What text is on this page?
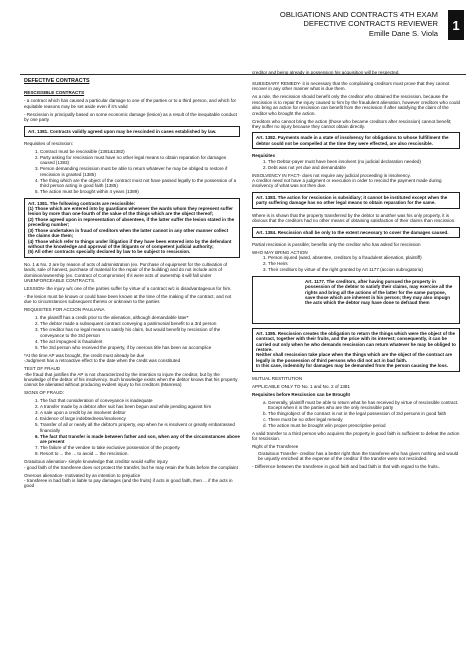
OBLIGATIONS AND CONTRACTS 4TH EXAM
DEFECTIVE CONTRACTS REVIEWER
Emille Dane S. Viola
1

DEFECTIVE CONTRACTS

RESCISSIBLE CONTRACTS

- a contract which has caused a particular damage to one of the parties or to a third person, and which for equitable reasons may be set aside even if it's valid

- Rescission is principally based on some economic damage (lesion) as a result of the inequitable conduct by one party

Art. 1381. Contracts validly agreed upon may be rescinded in cases established by law.

Requisites of rescission:

1. Contract must be rescissible (1381&1382)
2. Party asking for rescission must have no other legal means to obtain reparation for damages caused (1383)
3. Person demanding rescission must be able to return whatever he may be obliged to restore if rescission is granted (1385)
4. The thing which are the object of the contract must not have passed legally to the possession of a third person acting in good faith (1385)
5. The action must be brought within 4 years (1389)
Art. 1381. The following contracts are rescissible:
(1) Those which are entered into by guardians whenever the wards whom they represent suffer lesion by more than one-fourth of the value of the things which are the object thereof;
(2) Those agreed upon in representation of absentees, if the latter suffer the lesion stated in the preceding number;
(3) Those undertaken in fraud of creditors when the latter cannot in any other manner collect the claims due them;
(4) Those which refer to things under litigation if they have been entered into by the defendant without the knowledge and approval of the litigants or of competent judicial authority;
(5) All other contracts specially declared by law to be subject to rescission.

No. 1 & No. 2 are by reason of acts of administration (ex. Purchase of equipment for the cultivation of lands, sale of harvest, purchase of material for the repair of the building) and do not include acts of dominion/ownership (ex. Contract of Compromise) If it were acts of ownership it will fall under UNENFORCEABLE CONTRACTS.

LESSION- the injury w/c one of the parties suffer by virtue of a contract w/c is disadvantageous for him.

- the lesion must be known or could have been known at the time of the making of the contract, and not due to circumstances subsequent thereto or unknown to the parties

REQUISITES FOR ACCION PAULIANA

1. the plaintiff has a credit prior to the alienation, although demandable later*
2. The debtor made a subsequent contract conveying a patrimonial benefit to a 3rd person
3. The creditor has no legal means to satisfy his claim, but would benefit by rescission of the conveyance to the 3rd person
4. The act impugned is fraudulent
5. The 3rd person who received the property, if by onerous title has been an accomplice

*At the time AP was brought, the credit must already be due

-Judgment has a retroactive effect to the date when the credit was constituted

TEST OF FRAUD

-the fraud that justifies the AP is not characterized by the intention to injure the creditor, but by the knowledge of the debtor of his insolvency. Such knowledge exists when the debtor knows that his property cannot be alienated without producing evident injury to his creditors (Manresa)

SIGNS OF FRAUD:

1. The fact that consideration of conveyance is inadequate
2. A transfer made by a debtor after suit has been begun and while pending against him
3. A sale upon a credit by an insolvent debtor
4. Evidence of large indebtedness/insolvency
5. Transfer of all or nearly all the debtor's property, esp when he is insolvent or greatly embarrassed financially
6. The fact that transfer is made between father and son, when any of the circumstances above are present
7. The failure of the vendee to take exclusive possession of the property
8. Resort to ... the ... to avoid ... the rescission.

Gratuitous alienation- simple knowledge that creditor would suffer injury

- good faith of the transferee does not protect the transfer, but he may retain the fruits before the complaint

Onerous alienation- motivated by an intention to prejudice

- transferee in bad faith is liable to pay damages (and the fruits) if acts in good faith, then ... if the acts in good

creditor and being already in possession his acquisition will be respected.

SUBSIDIARY REMEDY- it is necessary that the complaining creditors must prove that they cannot recover in any other manner what is due them.

As a rule, the rescission should benefit only the creditor who obtained the rescission, because the rescission is to repair the injury caused to him by the fraudulent alienation, however creditors who could also bring an action for rescission can benefit from the rescission if after satisfying the claim of the creditor who brought the action.

Creditors who cannot bring the action (those who became creditors after rescission) cannot benefit; they suffer no injury because they cannot obtain directly.

Art. 1382. Payments made in a state of insolvency for obligations to whose fulfillment the debtor could not be compelled at the time they were effected, are also rescissible.

Requisites

1. The Debtor-payer must have been insolvent (no judicial declaration needed)
2. Debt was not yet due and demandable

INSOLVENCY IN FACT- does not require any judicial proceeding in insolvency.

A creditor need not have a judgment or execution in order to rescind the payment made during insolvency of what was not then due.

Art. 1383. The action for rescission is subsidiary; it cannot be instituted except when the party suffering damage has no other legal means to obtain reparation for the same.

Where is is shown that the property transferred by the debtor to another was his only property, it is obvious that the creditors had no other means of obtaining satisfaction of their claims than rescission.

Art. 1384. Rescission shall be only to the extent necessary to cover the damages caused.

Partial rescission is possible; benefits only the creditor who has asked for rescission

WHO MAY BRING ACTION

1. Person injured (ward, absentee, creditors by a fraudulent alienation, plaintiff)
2. The Heirs
3. Their creditors by virtue of the right granted by Art 1177 (accion subrogatoria)
Art. 1177. The creditors, after having pursued the property in possession of the debtor to satisfy their claims, may exercise all the rights and bring all the actions of the latter for the same purpose, save those which are inherent in his person; they may also impugn the acts which the debtor may have done to defraud them
Art. 1385. Rescission creates the obligation to return the things which were the object of the contract, together with their fruits, and the price with its interest; consequently, it can be carried out only when he who demands rescission can return whatever he may be obliged to restore.
Neither shall rescission take place when the things which are the object of the contract are legally in the possession of third persons who did not act in bad faith.
In this case, indemnity for damages may be demanded from the person causing the loss.

MUTUAL RESTITUTION

APPLICABLE ONLY TO No. 1 and No. 2 of 1381

Requisites before Rescission can be Brought

a. Generally, plaintiff must be able to return what he has received by virtue of rescissible contract. Except when it is the parties who are the only rescissible party
b. The thing/object of the contract is not in the legal possession of 3rd persons in good faith
c. There must be no other legal remedy
d. The action must be brought w/in proper prescriptive period

A valid transfer to a third person who acquires the property in good faith is sufficient to defeat the action for rescission.

Right of the Transferee

Gratuitous Transfer- creditor has a better right than the transferee who has given nothing and would be unjustly enriched at the expense of the creditor if the transfer were not rescinded.

- Difference between the transferee in good faith and bad faith is that with regard to the fruits..
